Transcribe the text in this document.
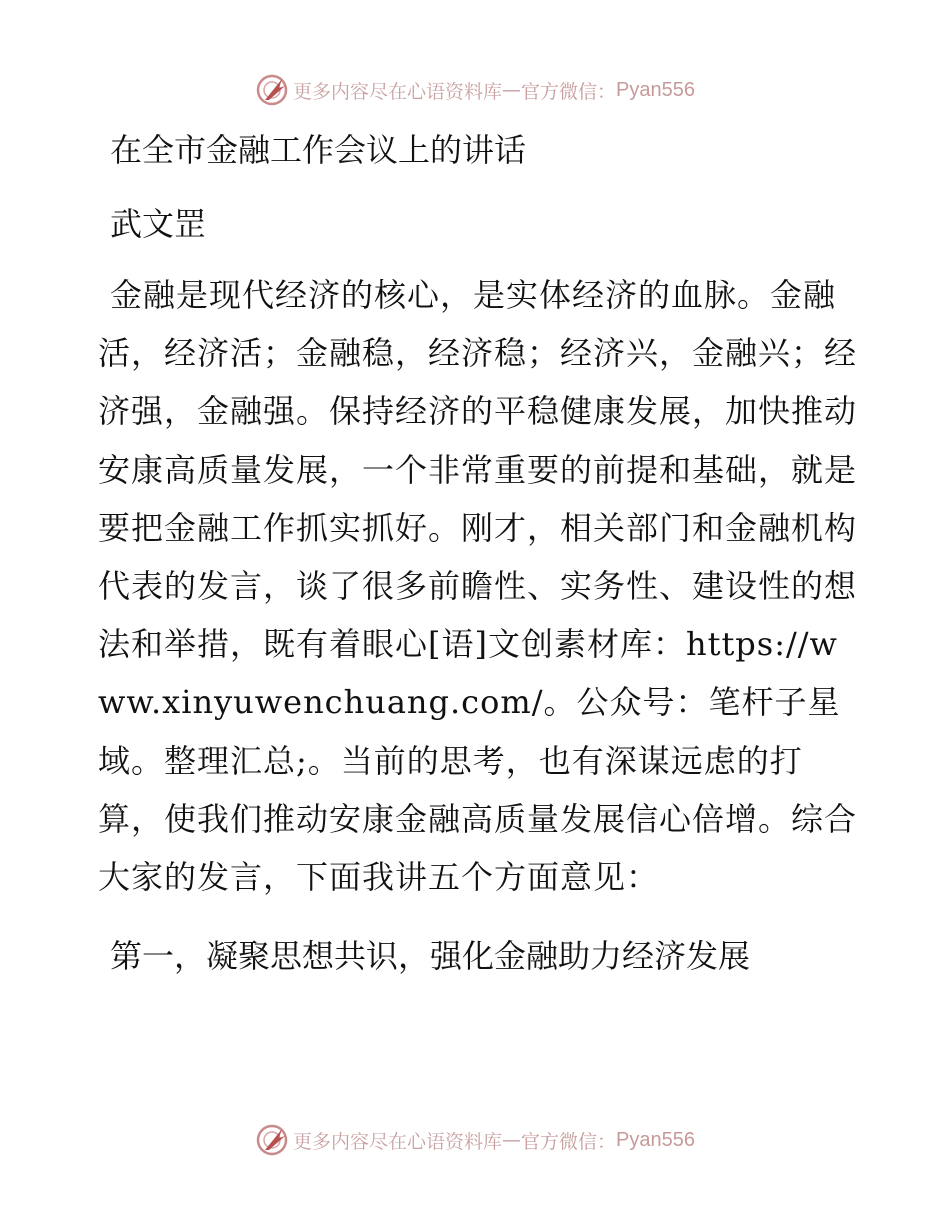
更多内容尽在心语资料库 — 官方微信： Pyan556
在全市金融工作会议上的讲话
武文罡

金融是现代经济的核心，是实体经济的血脉。金融活，经济活；金融稳，经济稳；经济兴，金融兴；经济强，金融强。保持经济的平稳健康发展，加快推动安康高质量发展，一个非常重要的前提和基础，就是要把金融工作抓实抓好。刚才，相关部门和金融机构代表的发言，谈了很多前瞻性、实务性、建设性的想法和举措，既有着眼心[语]文创素材库：https://www.xinyuwenchuang.com/。公众号：笔杆子星域。整理汇总;。当前的思考，也有深谋远虑的打算，使我们推动安康金融高质量发展信心倍增。综合大家的发言，下面我讲五个方面意见：

第一，凝聚思想共识，强化金融助力经济发展
更多内容尽在心语资料库 — 官方微信： Pyan556
